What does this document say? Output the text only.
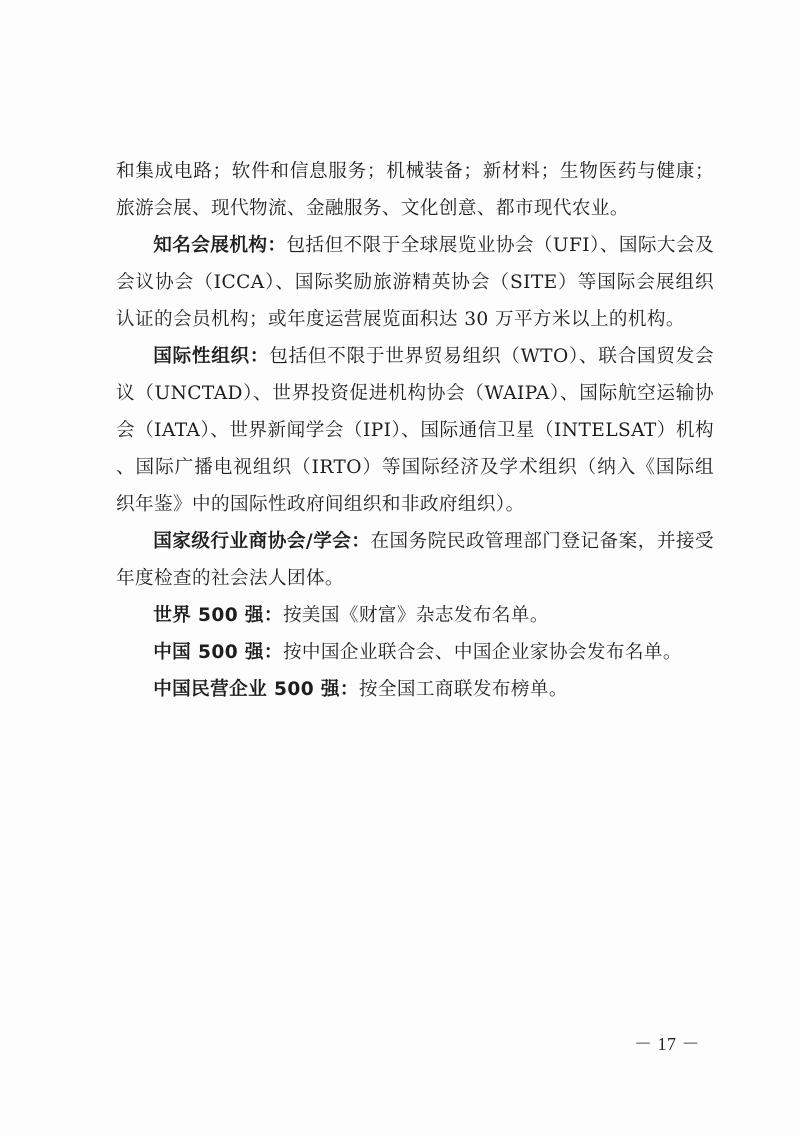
和集成电路；软件和信息服务；机械装备；新材料；生物医药与健康；旅游会展、现代物流、金融服务、文化创意、都市现代农业。

知名会展机构：包括但不限于全球展览业协会（UFI）、国际大会及会议协会（ICCA）、国际奖励旅游精英协会（SITE）等国际会展组织认证的会员机构；或年度运营展览面积达 30 万平方米以上的机构。

国际性组织：包括但不限于世界贸易组织（WTO）、联合国贸发会议（UNCTAD）、世界投资促进机构协会（WAIPA）、国际航空运输协会（IATA）、世界新闻学会（IPI）、国际通信卫星（INTELSAT）机构、国际广播电视组织（IRTO）等国际经济及学术组织（纳入《国际组织年鉴》中的国际性政府间组织和非政府组织）。

国家级行业商协会/学会：在国务院民政管理部门登记备案，并接受年度检查的社会法人团体。

世界 500 强：按美国《财富》杂志发布名单。

中国 500 强：按中国企业联合会、中国企业家协会发布名单。

中国民营企业 500 强：按全国工商联发布榜单。

－ 17 －
